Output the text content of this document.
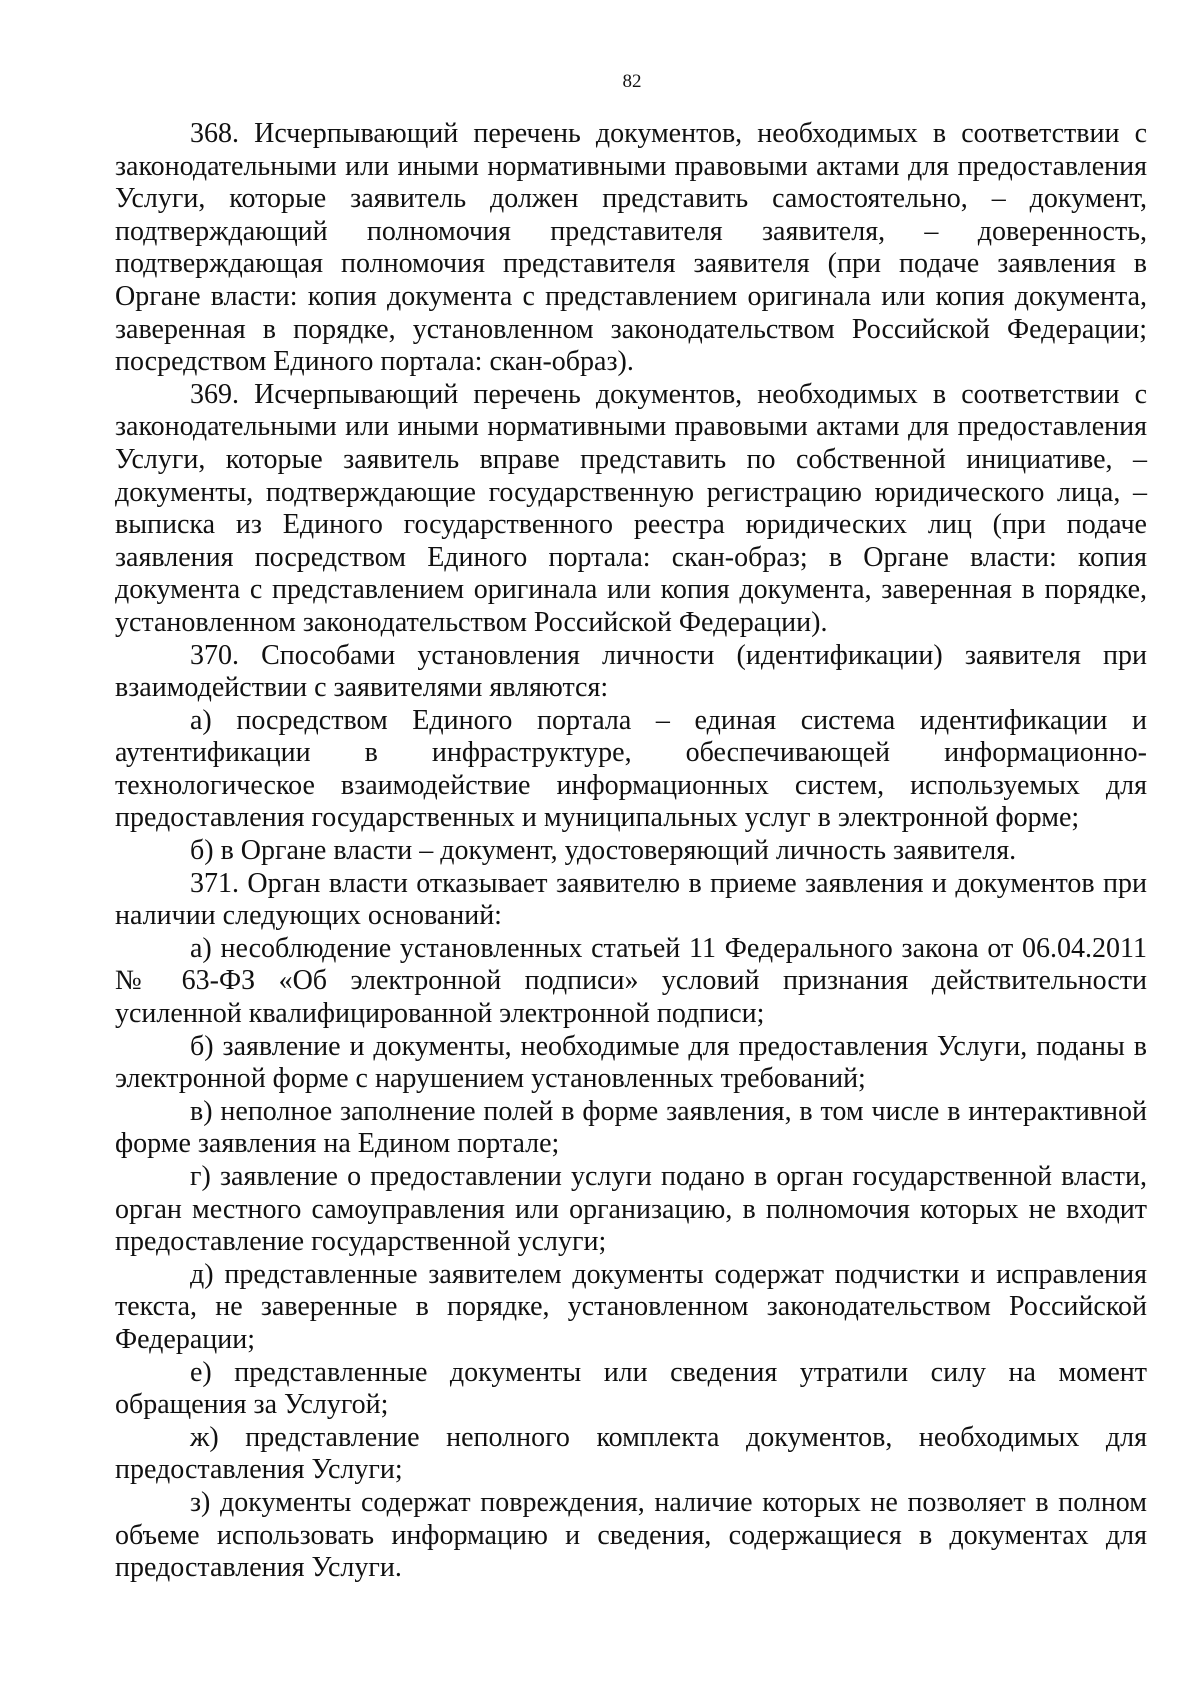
82

368. Исчерпывающий перечень документов, необходимых в соответствии с законодательными или иными нормативными правовыми актами для предоставления Услуги, которые заявитель должен представить самостоятельно, – документ, подтверждающий полномочия представителя заявителя, – доверенность, подтверждающая полномочия представителя заявителя (при подаче заявления в Органе власти: копия документа с представлением оригинала или копия документа, заверенная в порядке, установленном законодательством Российской Федерации; посредством Единого портала: скан-образ).

369. Исчерпывающий перечень документов, необходимых в соответствии с законодательными или иными нормативными правовыми актами для предоставления Услуги, которые заявитель вправе представить по собственной инициативе, – документы, подтверждающие государственную регистрацию юридического лица, – выписка из Единого государственного реестра юридических лиц (при подаче заявления посредством Единого портала: скан-образ; в Органе власти: копия документа с представлением оригинала или копия документа, заверенная в порядке, установленном законодательством Российской Федерации).

370. Способами установления личности (идентификации) заявителя при взаимодействии с заявителями являются:

а) посредством Единого портала – единая система идентификации и аутентификации в инфраструктуре, обеспечивающей информационно-технологическое взаимодействие информационных систем, используемых для предоставления государственных и муниципальных услуг в электронной форме;

б) в Органе власти – документ, удостоверяющий личность заявителя.

371. Орган власти отказывает заявителю в приеме заявления и документов при наличии следующих оснований:

а) несоблюдение установленных статьей 11 Федерального закона от 06.04.2011 № 63-ФЗ «Об электронной подписи» условий признания действительности усиленной квалифицированной электронной подписи;

б) заявление и документы, необходимые для предоставления Услуги, поданы в электронной форме с нарушением установленных требований;

в) неполное заполнение полей в форме заявления, в том числе в интерактивной форме заявления на Едином портале;

г) заявление о предоставлении услуги подано в орган государственной власти, орган местного самоуправления или организацию, в полномочия которых не входит предоставление государственной услуги;

д) представленные заявителем документы содержат подчистки и исправления текста, не заверенные в порядке, установленном законодательством Российской Федерации;

е) представленные документы или сведения утратили силу на момент обращения за Услугой;

ж) представление неполного комплекта документов, необходимых для предоставления Услуги;

з) документы содержат повреждения, наличие которых не позволяет в полном объеме использовать информацию и сведения, содержащиеся в документах для предоставления Услуги.
